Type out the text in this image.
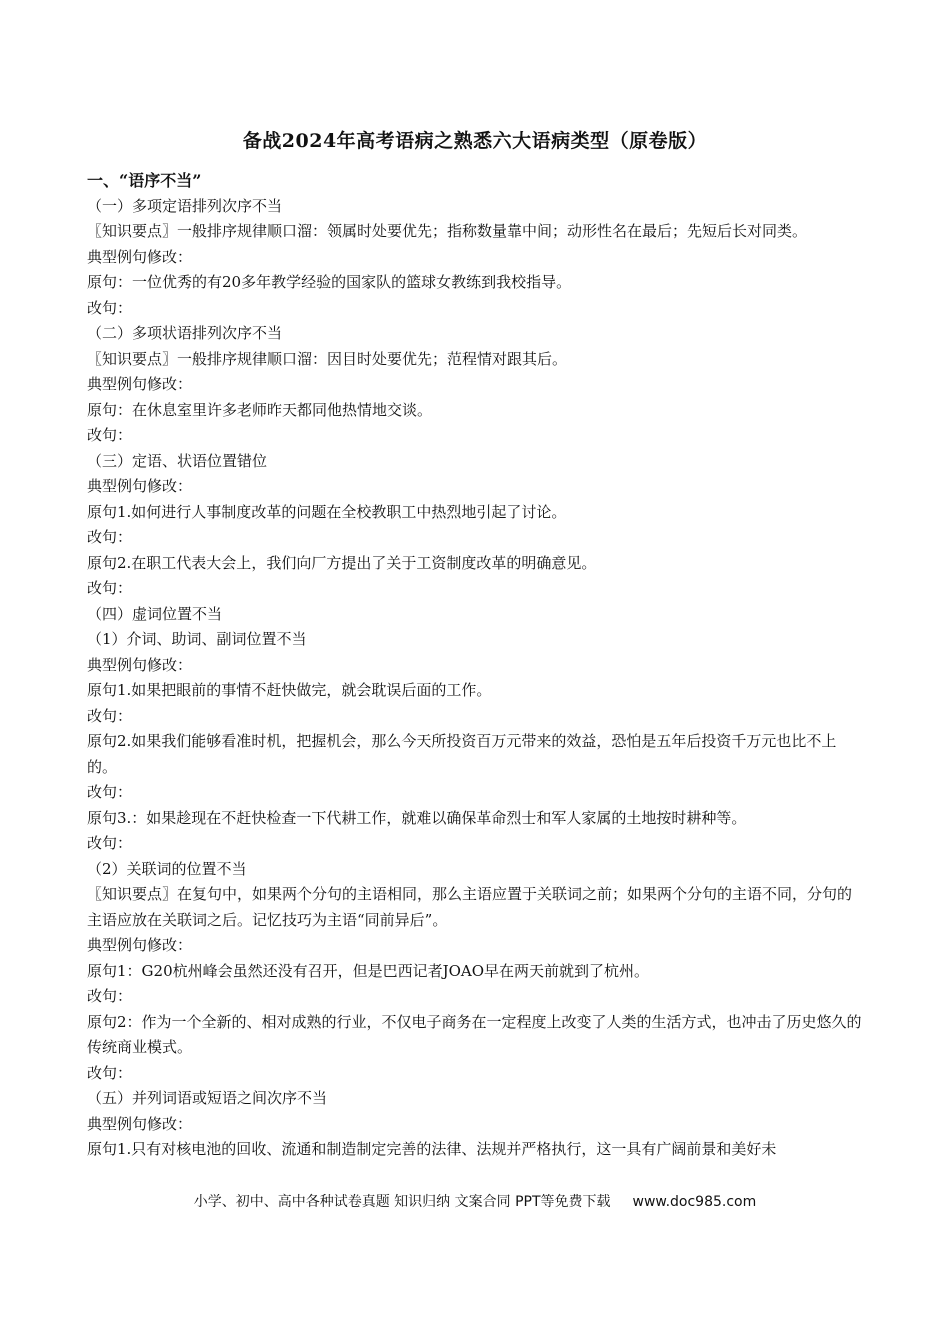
备战2024年高考语病之熟悉六大语病类型（原卷版）

一、“语序不当”

（一）多项定语排列次序不当

〖知识要点〗一般排序规律顺口溜：领属时处要优先；指称数量靠中间；动形性名在最后；先短后长对同类。

典型例句修改：

原句：一位优秀的有20多年教学经验的国家队的篮球女教练到我校指导。

改句：

（二）多项状语排列次序不当

〖知识要点〗一般排序规律顺口溜：因目时处要优先；范程情对跟其后。

典型例句修改：

原句：在休息室里许多老师昨天都同他热情地交谈。

改句：

（三）定语、状语位置错位

典型例句修改：

原句1.如何进行人事制度改革的问题在全校教职工中热烈地引起了讨论。

改句：

原句2.在职工代表大会上，我们向厂方提出了关于工资制度改革的明确意见。

改句：

（四）虚词位置不当

（1）介词、助词、副词位置不当

典型例句修改：

原句1.如果把眼前的事情不赶快做完，就会耽误后面的工作。

改句：

原句2.如果我们能够看准时机，把握机会，那么今天所投资百万元带来的效益，恐怕是五年后投资千万元也比不上的。

改句：

原句3.：如果趁现在不赶快检查一下代耕工作，就难以确保革命烈士和军人家属的土地按时耕种等。

改句：

（2）关联词的位置不当

〖知识要点〗在复句中，如果两个分句的主语相同，那么主语应置于关联词之前；如果两个分句的主语不同，分句的主语应放在关联词之后。记忆技巧为主语“同前异后”。

典型例句修改：

原句1：G20杭州峰会虽然还没有召开，但是巴西记者JOAO早在两天前就到了杭州。

改句：

原句2：作为一个全新的、相对成熟的行业，不仅电子商务在一定程度上改变了人类的生活方式，也冲击了历史悠久的传统商业模式。

改句：

（五）并列词语或短语之间次序不当

典型例句修改：

原句1.只有对核电池的回收、流通和制造制定完善的法律、法规并严格执行，这一具有广阔前景和美好未

小学、初中、高中各种试卷真题 知识归纳 文案合同 PPT等免费下载 www.doc985.com
